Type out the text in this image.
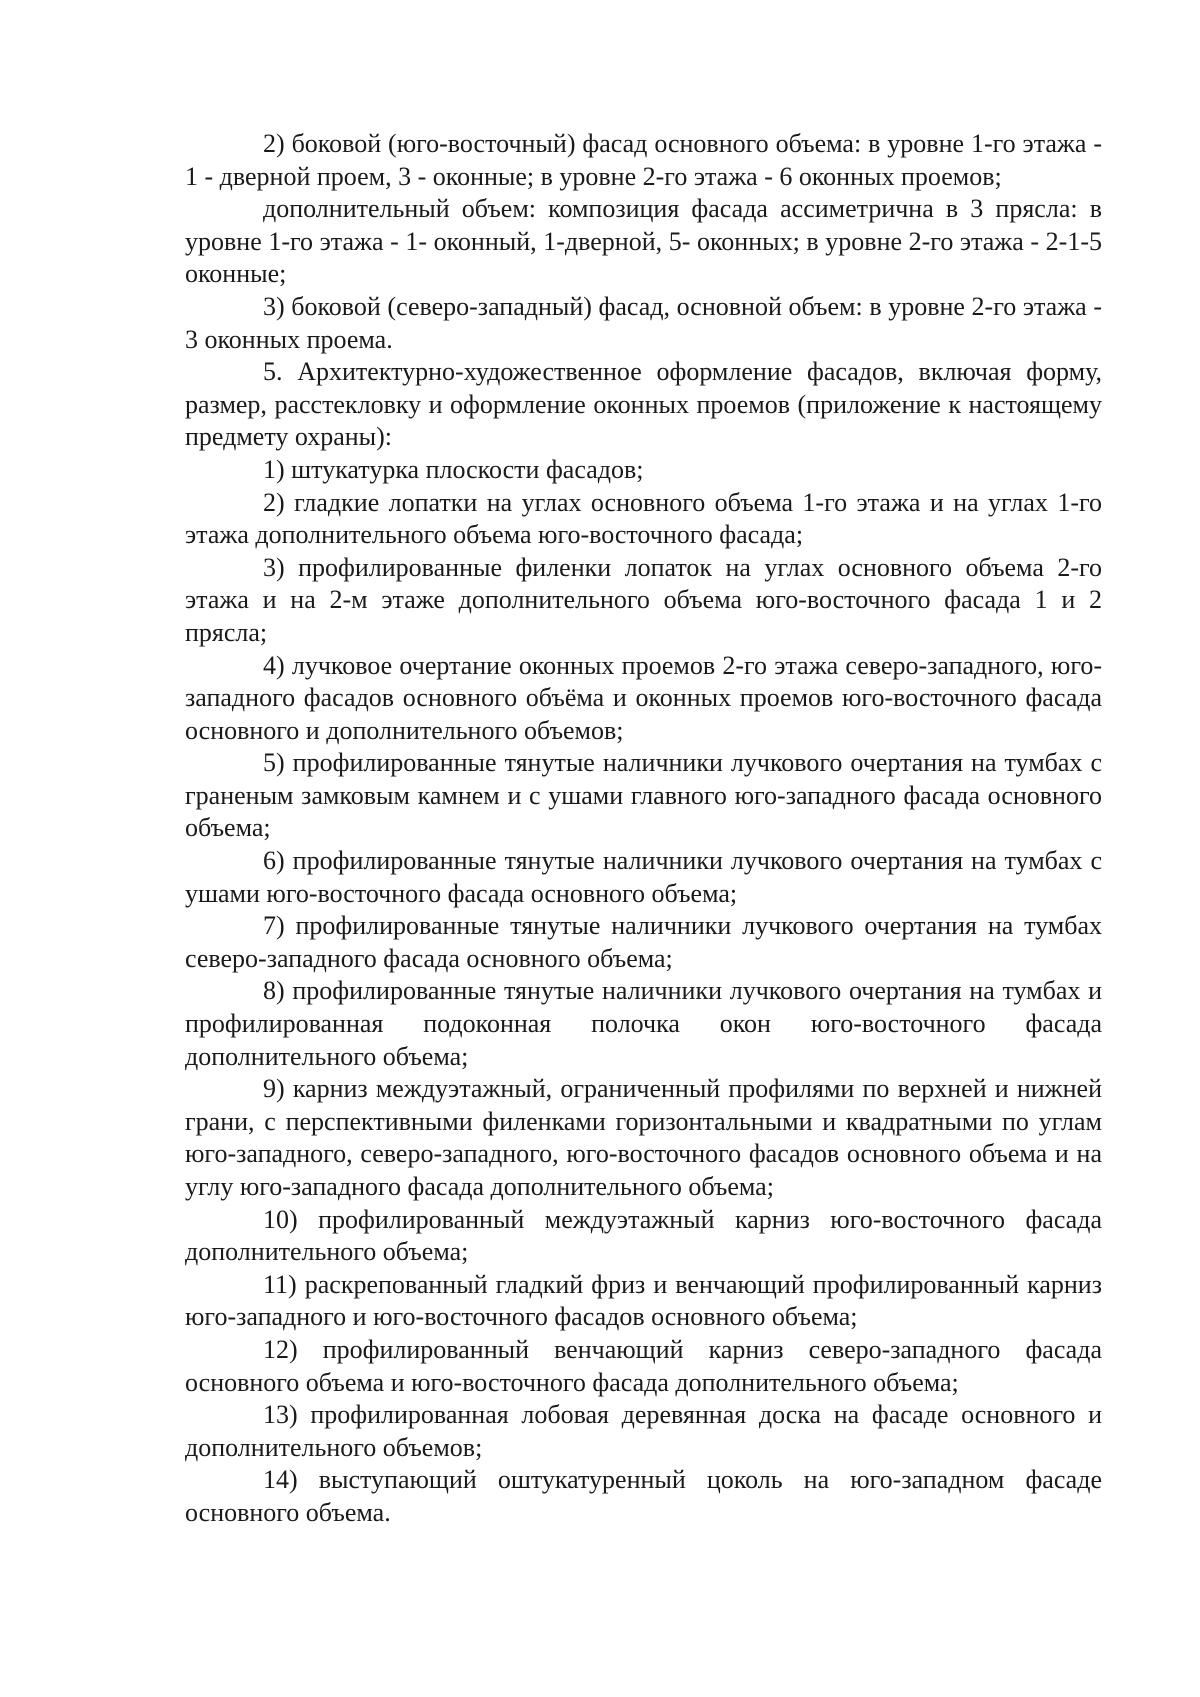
2) боковой (юго-восточный) фасад основного объема: в уровне 1-го этажа - 1 - дверной проем, 3 - оконные; в уровне 2-го этажа - 6 оконных проемов;

дополнительный объем: композиция фасада ассиметрична в 3 прясла: в уровне 1-го этажа - 1- оконный, 1-дверной, 5- оконных; в уровне 2-го этажа - 2-1-5 оконные;

3) боковой (северо-западный) фасад, основной объем: в уровне 2-го этажа - 3 оконных проема.

5. Архитектурно-художественное оформление фасадов, включая форму, размер, расстекловку и оформление оконных проемов (приложение к настоящему предмету охраны):

1) штукатурка плоскости фасадов;

2) гладкие лопатки на углах основного объема 1-го этажа и на углах 1-го этажа дополнительного объема юго-восточного фасада;

3) профилированные филенки лопаток на углах основного объема 2-го этажа и на 2-м этаже дополнительного объема юго-восточного фасада 1 и 2 прясла;

4) лучковое очертание оконных проемов 2-го этажа северо-западного, юго-западного фасадов основного объёма и оконных проемов юго-восточного фасада основного и дополнительного объемов;

5) профилированные тянутые наличники лучкового очертания на тумбах с граненым замковым камнем и с ушами главного юго-западного фасада основного объема;

6) профилированные тянутые наличники лучкового очертания на тумбах с ушами юго-восточного фасада основного объема;

7) профилированные тянутые наличники лучкового очертания на тумбах северо-западного фасада основного объема;

8) профилированные тянутые наличники лучкового очертания на тумбах и профилированная подоконная полочка окон юго-восточного фасада дополнительного объема;

9) карниз междуэтажный, ограниченный профилями по верхней и нижней грани, с перспективными филенками горизонтальными и квадратными по углам юго-западного, северо-западного, юго-восточного фасадов основного объема и на углу юго-западного фасада дополнительного объема;

10) профилированный междуэтажный карниз юго-восточного фасада дополнительного объема;

11) раскрепованный гладкий фриз и венчающий профилированный карниз юго-западного и юго-восточного фасадов основного объема;

12) профилированный венчающий карниз северо-западного фасада основного объема и юго-восточного фасада дополнительного объема;

13) профилированная лобовая деревянная доска на фасаде основного и дополнительного объемов;

14) выступающий оштукатуренный цоколь на юго-западном фасаде основного объема.
